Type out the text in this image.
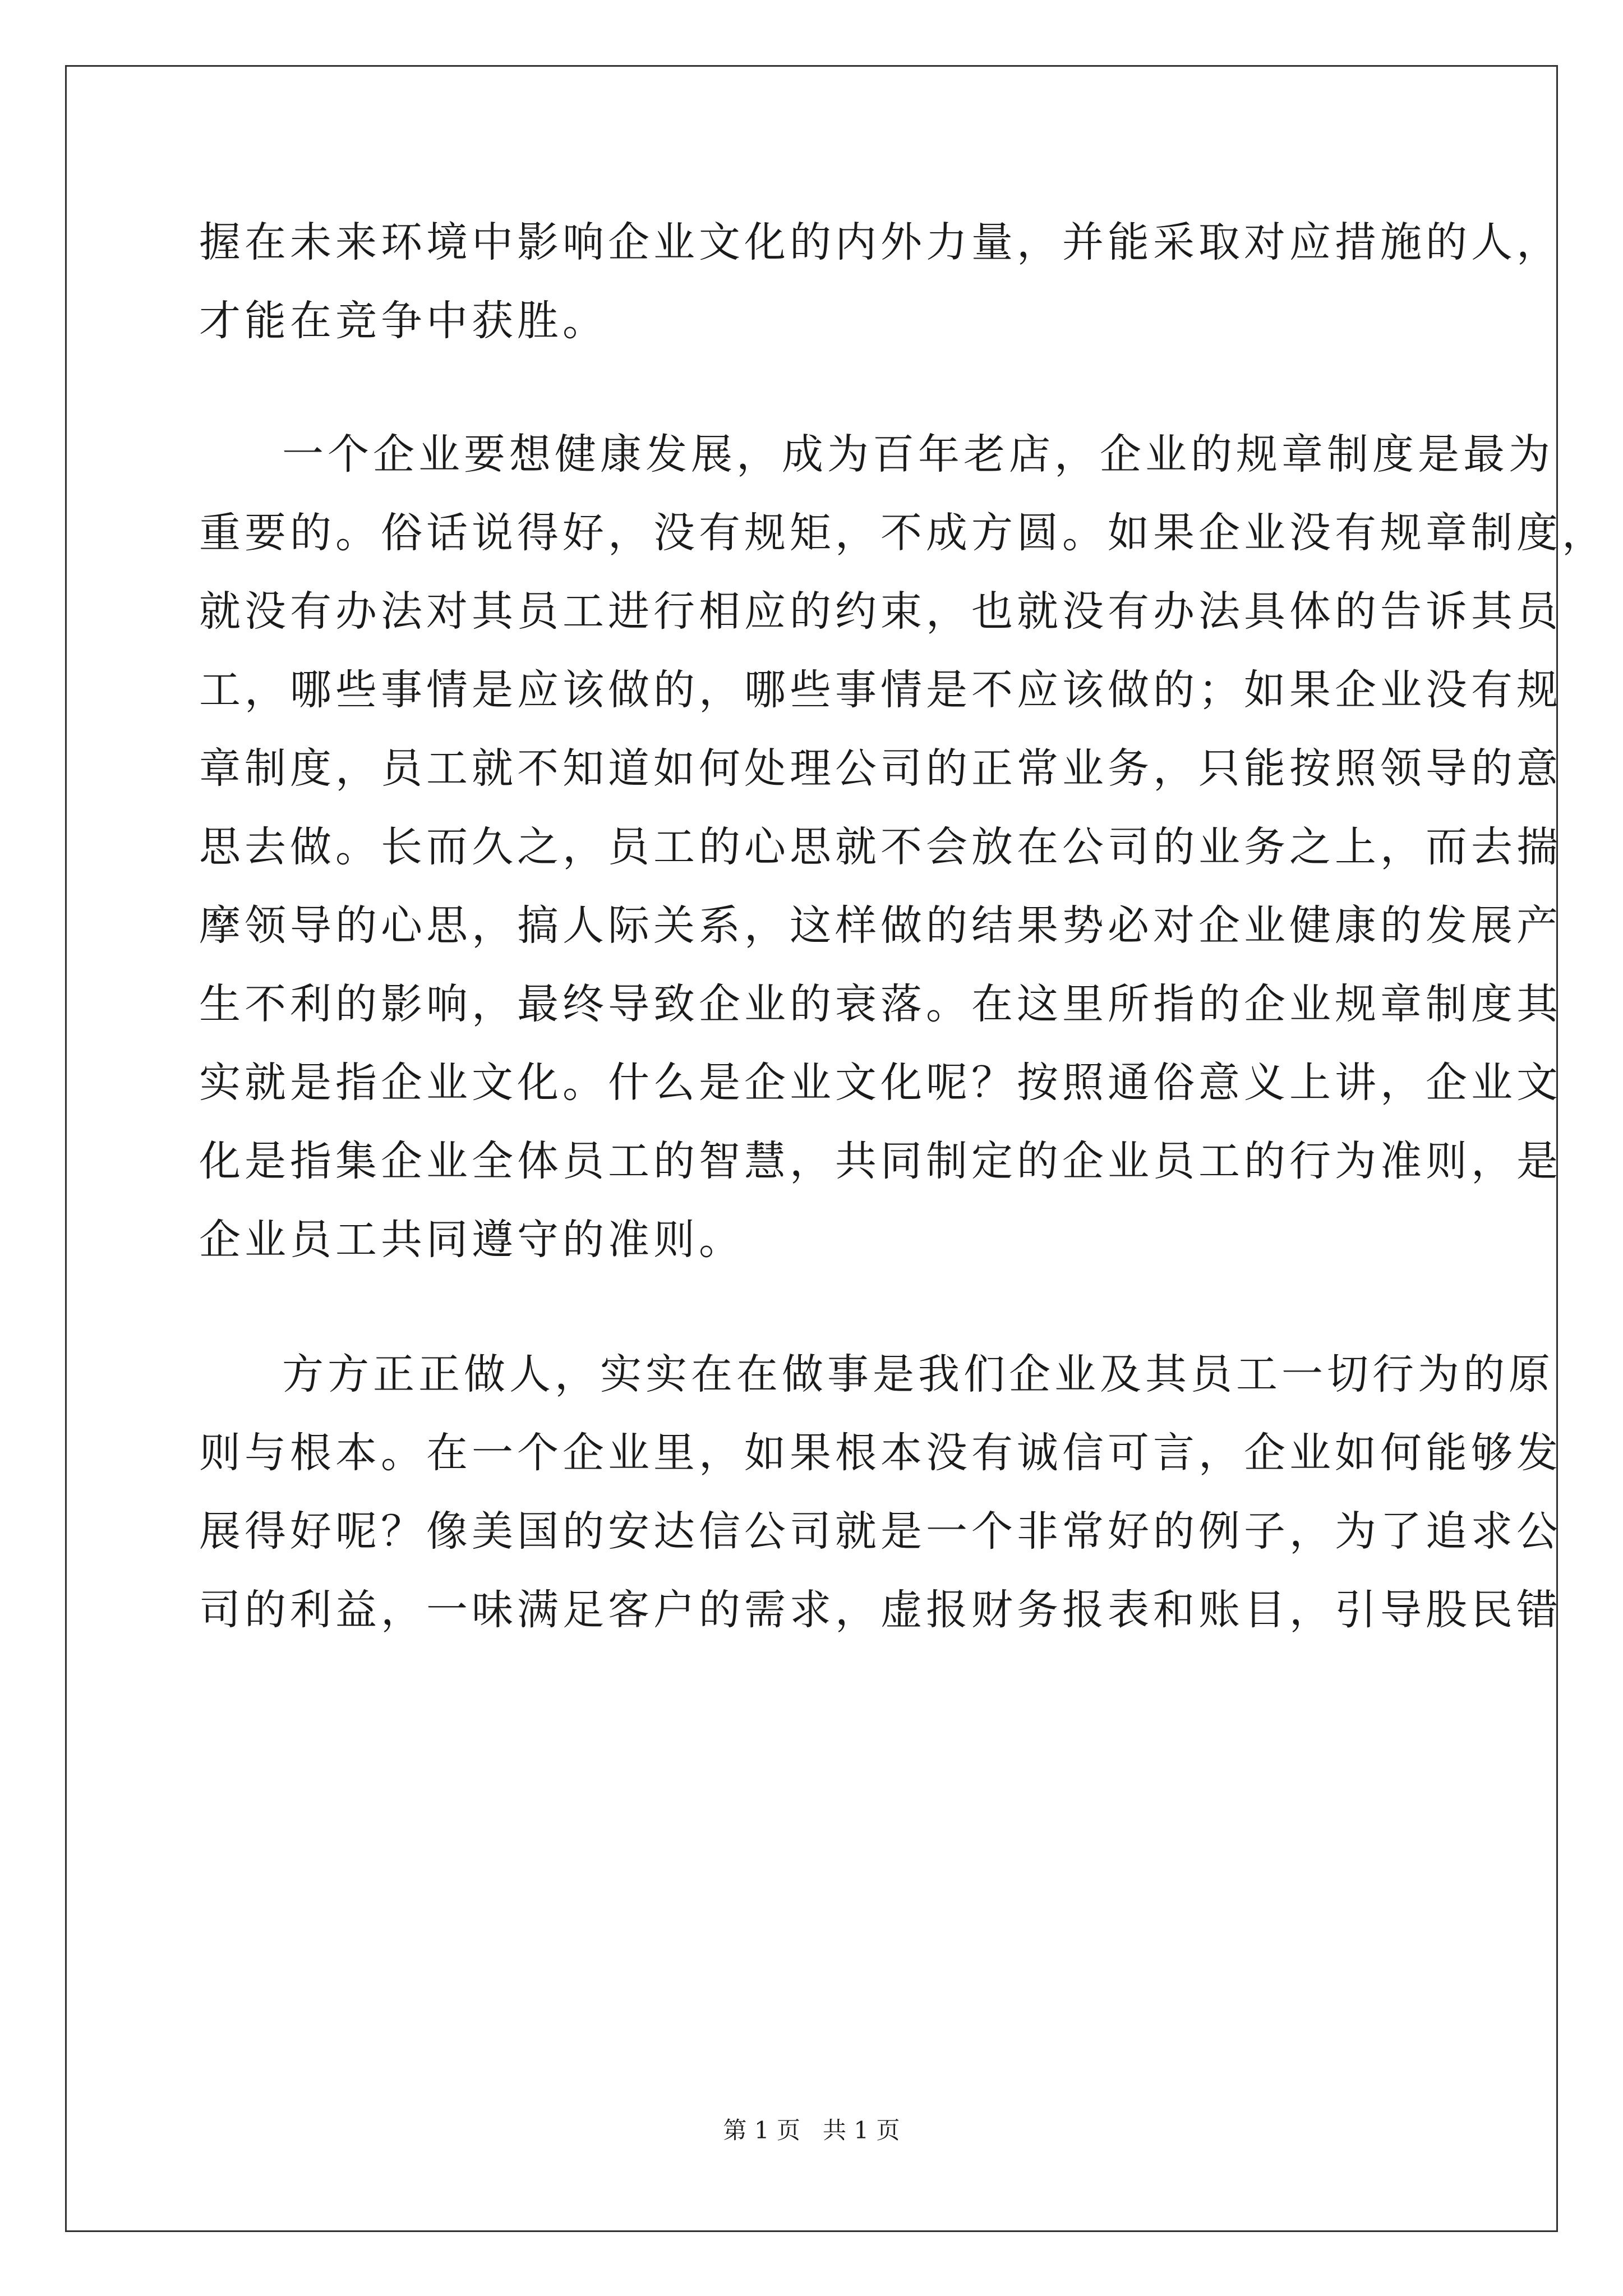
握在未来环境中影响企业文化的内外力量，并能采取对应措施的人，
才能在竞争中获胜。
一个企业要想健康发展，成为百年老店，企业的规章制度是最为
重要的。俗话说得好，没有规矩，不成方圆。如果企业没有规章制度，
就没有办法对其员工进行相应的约束，也就没有办法具体的告诉其员
工，哪些事情是应该做的，哪些事情是不应该做的；如果企业没有规
章制度，员工就不知道如何处理公司的正常业务，只能按照领导的意
思去做。长而久之，员工的心思就不会放在公司的业务之上，而去揣
摩领导的心思，搞人际关系，这样做的结果势必对企业健康的发展产
生不利的影响，最终导致企业的衰落。在这里所指的企业规章制度其
实就是指企业文化。什么是企业文化呢？按照通俗意义上讲，企业文
化是指集企业全体员工的智慧，共同制定的企业员工的行为准则，是
企业员工共同遵守的准则。
方方正正做人，实实在在做事是我们企业及其员工一切行为的原
则与根本。在一个企业里，如果根本没有诚信可言，企业如何能够发
展得好呢？像美国的安达信公司就是一个非常好的例子，为了追求公
司的利益，一味满足客户的需求，虚报财务报表和账目，引导股民错
第 1 页   共 1 页
